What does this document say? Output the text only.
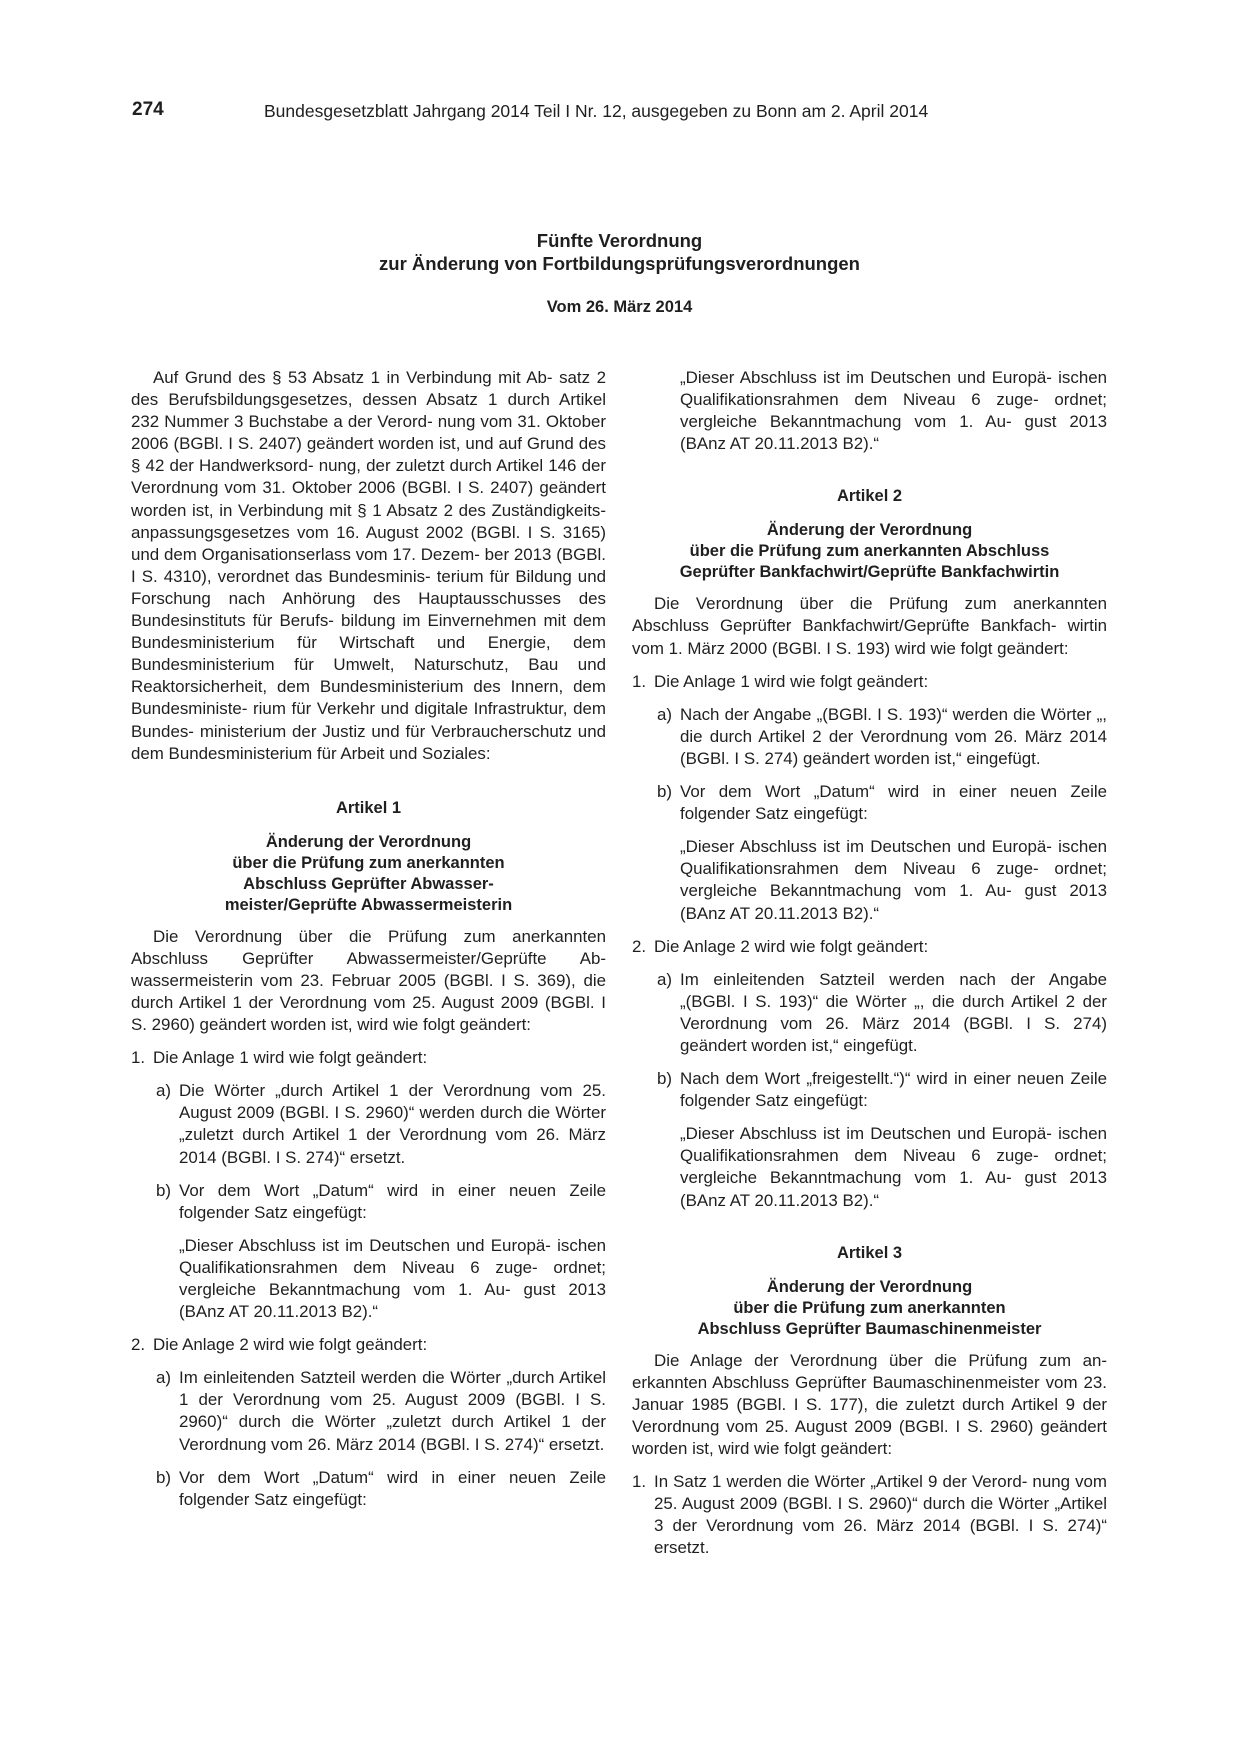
274	Bundesgesetzblatt Jahrgang 2014 Teil I Nr. 12, ausgegeben zu Bonn am 2. April 2014
Fünfte Verordnung
zur Änderung von Fortbildungsprüfungsverordnungen
Vom 26. März 2014
Auf Grund des § 53 Absatz 1 in Verbindung mit Ab- satz 2 des Berufsbildungsgesetzes, dessen Absatz 1 durch Artikel 232 Nummer 3 Buchstabe a der Verord- nung vom 31. Oktober 2006 (BGBl. I S. 2407) geändert worden ist, und auf Grund des § 42 der Handwerksord- nung, der zuletzt durch Artikel 146 der Verordnung vom 31. Oktober 2006 (BGBl. I S. 2407) geändert worden ist, in Verbindung mit § 1 Absatz 2 des Zuständigkeits- anpassungsgesetzes vom 16. August 2002 (BGBl. I S. 3165) und dem Organisationserlass vom 17. Dezem- ber 2013 (BGBl. I S. 4310), verordnet das Bundesminis- terium für Bildung und Forschung nach Anhörung des Hauptausschusses des Bundesinstituts für Berufs- bildung im Einvernehmen mit dem Bundesministerium für Wirtschaft und Energie, dem Bundesministerium für Umwelt, Naturschutz, Bau und Reaktorsicherheit, dem Bundesministerium des Innern, dem Bundesministe- rium für Verkehr und digitale Infrastruktur, dem Bundes- ministerium der Justiz und für Verbraucherschutz und dem Bundesministerium für Arbeit und Soziales:
Artikel 1
Änderung der Verordnung
über die Prüfung zum anerkannten
Abschluss Geprüfter Abwasser-
meister/Geprüfte Abwassermeisterin
Die Verordnung über die Prüfung zum anerkannten Abschluss Geprüfter Abwassermeister/Geprüfte Ab- wassermeisterin vom 23. Februar 2005 (BGBl. I S. 369), die durch Artikel 1 der Verordnung vom 25. August 2009 (BGBl. I S. 2960) geändert worden ist, wird wie folgt geändert:
1. Die Anlage 1 wird wie folgt geändert:
a) Die Wörter „durch Artikel 1 der Verordnung vom 25. August 2009 (BGBl. I S. 2960)“ werden durch die Wörter „zuletzt durch Artikel 1 der Verordnung vom 26. März 2014 (BGBl. I S. 274)“ ersetzt.
b) Vor dem Wort „Datum“ wird in einer neuen Zeile folgender Satz eingefügt:
„Dieser Abschluss ist im Deutschen und Europä- ischen Qualifikationsrahmen dem Niveau 6 zuge- ordnet; vergleiche Bekanntmachung vom 1. Au- gust 2013 (BAnz AT 20.11.2013 B2).“
2. Die Anlage 2 wird wie folgt geändert:
a) Im einleitenden Satzteil werden die Wörter „durch Artikel 1 der Verordnung vom 25. August 2009 (BGBl. I S. 2960)“ durch die Wörter „zuletzt durch Artikel 1 der Verordnung vom 26. März 2014 (BGBl. I S. 274)“ ersetzt.
b) Vor dem Wort „Datum“ wird in einer neuen Zeile folgender Satz eingefügt:
„Dieser Abschluss ist im Deutschen und Europä- ischen Qualifikationsrahmen dem Niveau 6 zuge- ordnet; vergleiche Bekanntmachung vom 1. Au- gust 2013 (BAnz AT 20.11.2013 B2).“
Artikel 2
Änderung der Verordnung
über die Prüfung zum anerkannten Abschluss
Geprüfter Bankfachwirt/Geprüfte Bankfachwirtin
Die Verordnung über die Prüfung zum anerkannten Abschluss Geprüfter Bankfachwirt/Geprüfte Bankfach- wirtin vom 1. März 2000 (BGBl. I S. 193) wird wie folgt geändert:
1. Die Anlage 1 wird wie folgt geändert:
a) Nach der Angabe „(BGBl. I S. 193)“ werden die Wörter „, die durch Artikel 2 der Verordnung vom 26. März 2014 (BGBl. I S. 274) geändert worden ist,“ eingefügt.
b) Vor dem Wort „Datum“ wird in einer neuen Zeile folgender Satz eingefügt:
„Dieser Abschluss ist im Deutschen und Europä- ischen Qualifikationsrahmen dem Niveau 6 zuge- ordnet; vergleiche Bekanntmachung vom 1. Au- gust 2013 (BAnz AT 20.11.2013 B2).“
2. Die Anlage 2 wird wie folgt geändert:
a) Im einleitenden Satzteil werden nach der Angabe „(BGBl. I S. 193)“ die Wörter „, die durch Artikel 2 der Verordnung vom 26. März 2014 (BGBl. I S. 274) geändert worden ist,“ eingefügt.
b) Nach dem Wort „freigestellt.“)“ wird in einer neuen Zeile folgender Satz eingefügt:
„Dieser Abschluss ist im Deutschen und Europä- ischen Qualifikationsrahmen dem Niveau 6 zuge- ordnet; vergleiche Bekanntmachung vom 1. Au- gust 2013 (BAnz AT 20.11.2013 B2).“
Artikel 3
Änderung der Verordnung
über die Prüfung zum anerkannten
Abschluss Geprüfter Baumaschinenmeister
Die Anlage der Verordnung über die Prüfung zum an- erkannten Abschluss Geprüfter Baumaschinenmeister vom 23. Januar 1985 (BGBl. I S. 177), die zuletzt durch Artikel 9 der Verordnung vom 25. August 2009 (BGBl. I S. 2960) geändert worden ist, wird wie folgt geändert:
1. In Satz 1 werden die Wörter „Artikel 9 der Verord- nung vom 25. August 2009 (BGBl. I S. 2960)“ durch die Wörter „Artikel 3 der Verordnung vom 26. März 2014 (BGBl. I S. 274)“ ersetzt.
